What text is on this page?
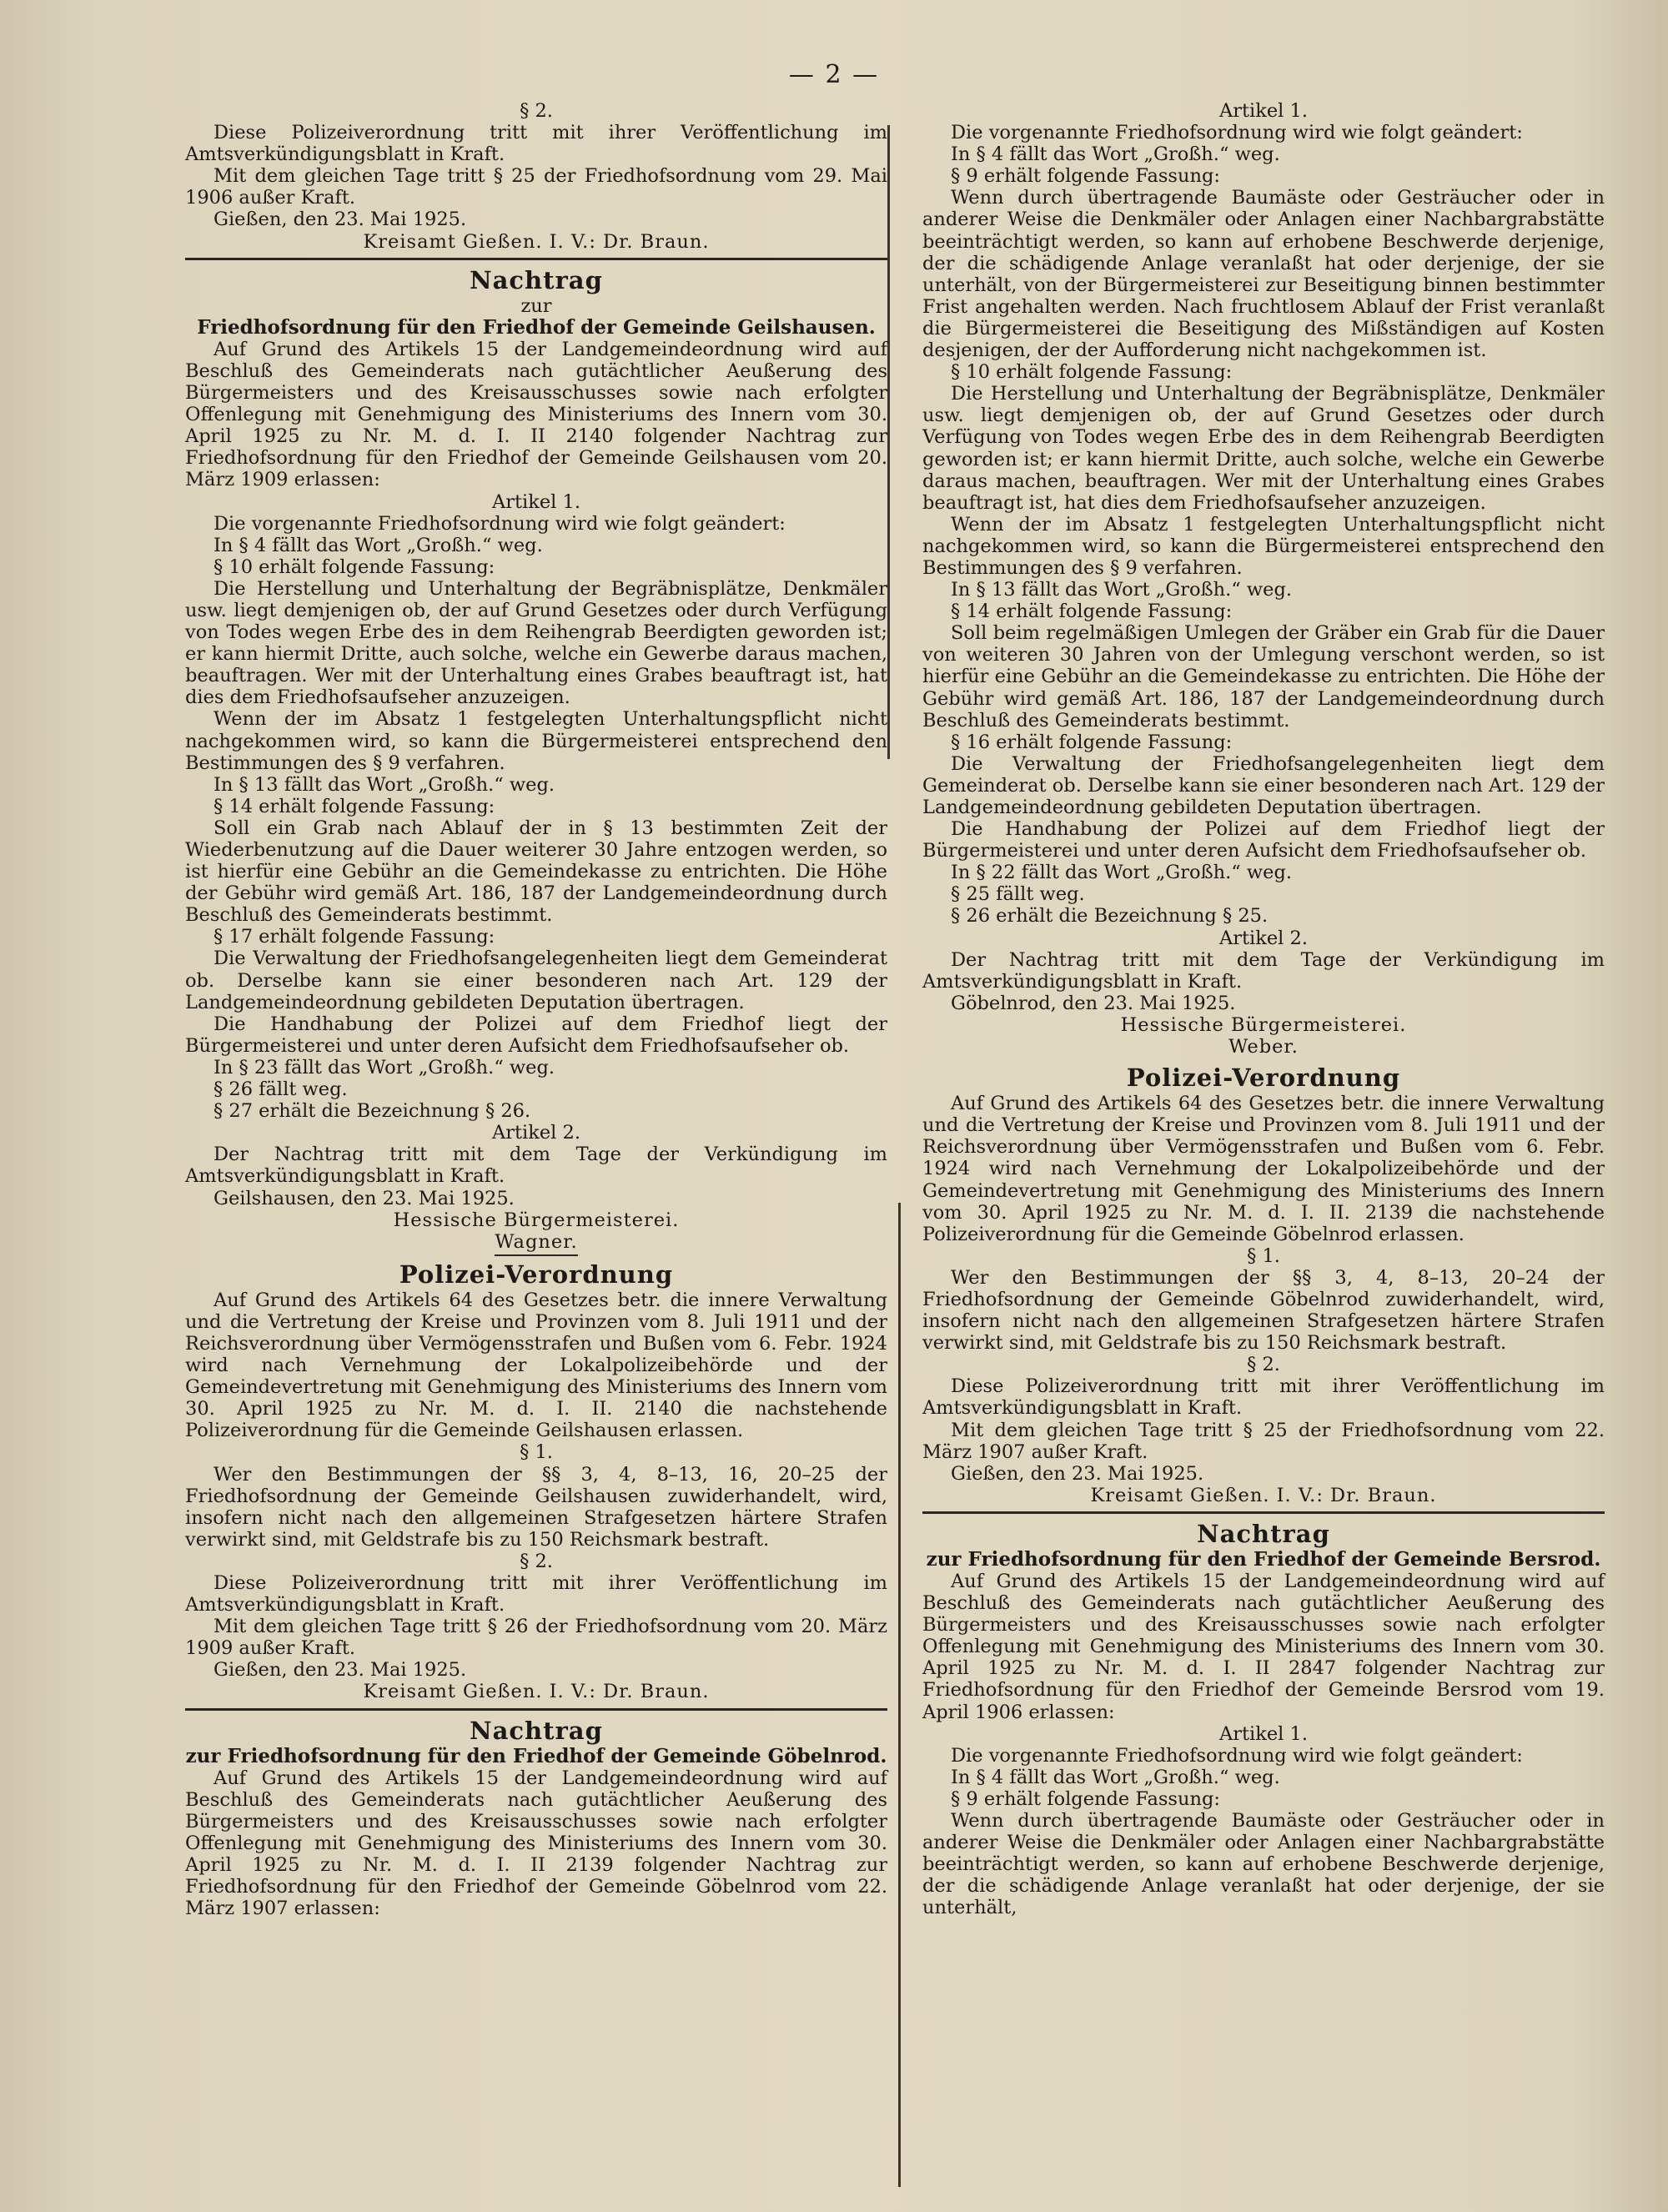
— 2 —
§ 2.
Diese Polizeiverordnung tritt mit ihrer Veröffentlichung im Amtsverkündigungsblatt in Kraft.
Mit dem gleichen Tage tritt § 25 der Friedhofsordnung vom 29. Mai 1906 außer Kraft.
Gießen, den 23. Mai 1925.
Kreisamt Gießen. I. V.: Dr. Braun.
Nachtrag
zur
Friedhofsordnung für den Friedhof der Gemeinde Geilshausen.
Auf Grund des Artikels 15 der Landgemeindeordnung wird auf Beschluß des Gemeinderats nach gutächtlicher Aeußerung des Bürgermeisters und des Kreisausschusses sowie nach erfolgter Offenlegung mit Genehmigung des Ministeriums des Innern vom 30. April 1925 zu Nr. M. d. I. II 2140 folgender Nachtrag zur Friedhofsordnung für den Friedhof der Gemeinde Geilshausen vom 20. März 1909 erlassen:
Artikel 1.
Die vorgenannte Friedhofsordnung wird wie folgt geändert:
In § 4 fällt das Wort „Großh.“ weg.
§ 10 erhält folgende Fassung:
Die Herstellung und Unterhaltung der Begräbnisplätze, Denkmäler usw. liegt demjenigen ob, der auf Grund Gesetzes oder durch Verfügung von Todes wegen Erbe des in dem Reihengrab Beerdigten geworden ist; er kann hiermit Dritte, auch solche, welche ein Gewerbe daraus machen, beauftragen. Wer mit der Unterhaltung eines Grabes beauftragt ist, hat dies dem Friedhofsaufseher anzuzeigen.
Wenn der im Absatz 1 festgelegten Unterhaltungspflicht nicht nachgekommen wird, so kann die Bürgermeisterei entsprechend den Bestimmungen des § 9 verfahren.
In § 13 fällt das Wort „Großh.“ weg.
§ 14 erhält folgende Fassung:
Soll ein Grab nach Ablauf der in § 13 bestimmten Zeit der Wiederbenutzung auf die Dauer weiterer 30 Jahre entzogen werden, so ist hierfür eine Gebühr an die Gemeindekasse zu entrichten. Die Höhe der Gebühr wird gemäß Art. 186, 187 der Landgemeindeordnung durch Beschluß des Gemeinderats bestimmt.
§ 17 erhält folgende Fassung:
Die Verwaltung der Friedhofsangelegenheiten liegt dem Gemeinderat ob. Derselbe kann sie einer besonderen nach Art. 129 der Landgemeindeordnung gebildeten Deputation übertragen.
Die Handhabung der Polizei auf dem Friedhof liegt der Bürgermeisterei und unter deren Aufsicht dem Friedhofsaufseher ob.
In § 23 fällt das Wort „Großh.“ weg.
§ 26 fällt weg.
§ 27 erhält die Bezeichnung § 26.
Artikel 2.
Der Nachtrag tritt mit dem Tage der Verkündigung im Amtsverkündigungsblatt in Kraft.
Geilshausen, den 23. Mai 1925.
Hessische Bürgermeisterei.
Wagner.
Polizei-Verordnung
Auf Grund des Artikels 64 des Gesetzes betr. die innere Verwaltung und die Vertretung der Kreise und Provinzen vom 8. Juli 1911 und der Reichsverordnung über Vermögensstrafen und Bußen vom 6. Febr. 1924 wird nach Vernehmung der Lokalpolizeibehörde und der Gemeindevertretung mit Genehmigung des Ministeriums des Innern vom 30. April 1925 zu Nr. M. d. I. II. 2140 die nachstehende Polizeiverordnung für die Gemeinde Geilshausen erlassen.
§ 1.
Wer den Bestimmungen der §§ 3, 4, 8–13, 16, 20–25 der Friedhofsordnung der Gemeinde Geilshausen zuwiderhandelt, wird, insofern nicht nach den allgemeinen Strafgesetzen härtere Strafen verwirkt sind, mit Geldstrafe bis zu 150 Reichsmark bestraft.
§ 2.
Diese Polizeiverordnung tritt mit ihrer Veröffentlichung im Amtsverkündigungsblatt in Kraft.
Mit dem gleichen Tage tritt § 26 der Friedhofsordnung vom 20. März 1909 außer Kraft.
Gießen, den 23. Mai 1925.
Kreisamt Gießen. I. V.: Dr. Braun.
Nachtrag
zur Friedhofsordnung für den Friedhof der Gemeinde Göbelnrod.
Auf Grund des Artikels 15 der Landgemeindeordnung wird auf Beschluß des Gemeinderats nach gutächtlicher Aeußerung des Bürgermeisters und des Kreisausschusses sowie nach erfolgter Offenlegung mit Genehmigung des Ministeriums des Innern vom 30. April 1925 zu Nr. M. d. I. II 2139 folgender Nachtrag zur Friedhofsordnung für den Friedhof der Gemeinde Göbelnrod vom 22. März 1907 erlassen:
Artikel 1.
Die vorgenannte Friedhofsordnung wird wie folgt geändert:
In § 4 fällt das Wort „Großh.“ weg.
§ 9 erhält folgende Fassung:
Wenn durch übertragende Baumäste oder Gesträucher oder in anderer Weise die Denkmäler oder Anlagen einer Nachbargrabstätte beeinträchtigt werden, so kann auf erhobene Beschwerde derjenige, der die schädigende Anlage veranlaßt hat oder derjenige, der sie unterhält, von der Bürgermeisterei zur Beseitigung binnen bestimmter Frist angehalten werden. Nach fruchtlosem Ablauf der Frist veranlaßt die Bürgermeisterei die Beseitigung des Mißständigen auf Kosten desjenigen, der der Aufforderung nicht nachgekommen ist.
§ 10 erhält folgende Fassung:
Die Herstellung und Unterhaltung der Begräbnisplätze, Denkmäler usw. liegt demjenigen ob, der auf Grund Gesetzes oder durch Verfügung von Todes wegen Erbe des in dem Reihengrab Beerdigten geworden ist; er kann hiermit Dritte, auch solche, welche ein Gewerbe daraus machen, beauftragen. Wer mit der Unterhaltung eines Grabes beauftragt ist, hat dies dem Friedhofsaufseher anzuzeigen.
Wenn der im Absatz 1 festgelegten Unterhaltungspflicht nicht nachgekommen wird, so kann die Bürgermeisterei entsprechend den Bestimmungen des § 9 verfahren.
In § 13 fällt das Wort „Großh.“ weg.
§ 14 erhält folgende Fassung:
Soll beim regelmäßigen Umlegen der Gräber ein Grab für die Dauer von weiteren 30 Jahren von der Umlegung verschont werden, so ist hierfür eine Gebühr an die Gemeindekasse zu entrichten. Die Höhe der Gebühr wird gemäß Art. 186, 187 der Landgemeindeordnung durch Beschluß des Gemeinderats bestimmt.
§ 16 erhält folgende Fassung:
Die Verwaltung der Friedhofsangelegenheiten liegt dem Gemeinderat ob. Derselbe kann sie einer besonderen nach Art. 129 der Landgemeindeordnung gebildeten Deputation übertragen.
Die Handhabung der Polizei auf dem Friedhof liegt der Bürgermeisterei und unter deren Aufsicht dem Friedhofsaufseher ob.
In § 22 fällt das Wort „Großh.“ weg.
§ 25 fällt weg.
§ 26 erhält die Bezeichnung § 25.
Artikel 2.
Der Nachtrag tritt mit dem Tage der Verkündigung im Amtsverkündigungsblatt in Kraft.
Göbelnrod, den 23. Mai 1925.
Hessische Bürgermeisterei.
Weber.
Polizei-Verordnung
Auf Grund des Artikels 64 des Gesetzes betr. die innere Verwaltung und die Vertretung der Kreise und Provinzen vom 8. Juli 1911 und der Reichsverordnung über Vermögensstrafen und Bußen vom 6. Febr. 1924 wird nach Vernehmung der Lokalpolizeibehörde und der Gemeindevertretung mit Genehmigung des Ministeriums des Innern vom 30. April 1925 zu Nr. M. d. I. II. 2139 die nachstehende Polizeiverordnung für die Gemeinde Göbelnrod erlassen.
§ 1.
Wer den Bestimmungen der §§ 3, 4, 8–13, 20–24 der Friedhofsordnung der Gemeinde Göbelnrod zuwiderhandelt, wird, insofern nicht nach den allgemeinen Strafgesetzen härtere Strafen verwirkt sind, mit Geldstrafe bis zu 150 Reichsmark bestraft.
§ 2.
Diese Polizeiverordnung tritt mit ihrer Veröffentlichung im Amtsverkündigungsblatt in Kraft.
Mit dem gleichen Tage tritt § 25 der Friedhofsordnung vom 22. März 1907 außer Kraft.
Gießen, den 23. Mai 1925.
Kreisamt Gießen. I. V.: Dr. Braun.
Nachtrag
zur Friedhofsordnung für den Friedhof der Gemeinde Bersrod.
Auf Grund des Artikels 15 der Landgemeindeordnung wird auf Beschluß des Gemeinderats nach gutächtlicher Aeußerung des Bürgermeisters und des Kreisausschusses sowie nach erfolgter Offenlegung mit Genehmigung des Ministeriums des Innern vom 30. April 1925 zu Nr. M. d. I. II 2847 folgender Nachtrag zur Friedhofsordnung für den Friedhof der Gemeinde Bersrod vom 19. April 1906 erlassen:
Artikel 1.
Die vorgenannte Friedhofsordnung wird wie folgt geändert:
In § 4 fällt das Wort „Großh.“ weg.
§ 9 erhält folgende Fassung:
Wenn durch übertragende Baumäste oder Gesträucher oder in anderer Weise die Denkmäler oder Anlagen einer Nachbargrabstätte beeinträchtigt werden, so kann auf erhobene Beschwerde derjenige, der die schädigende Anlage veranlaßt hat oder derjenige, der sie unterhält,
